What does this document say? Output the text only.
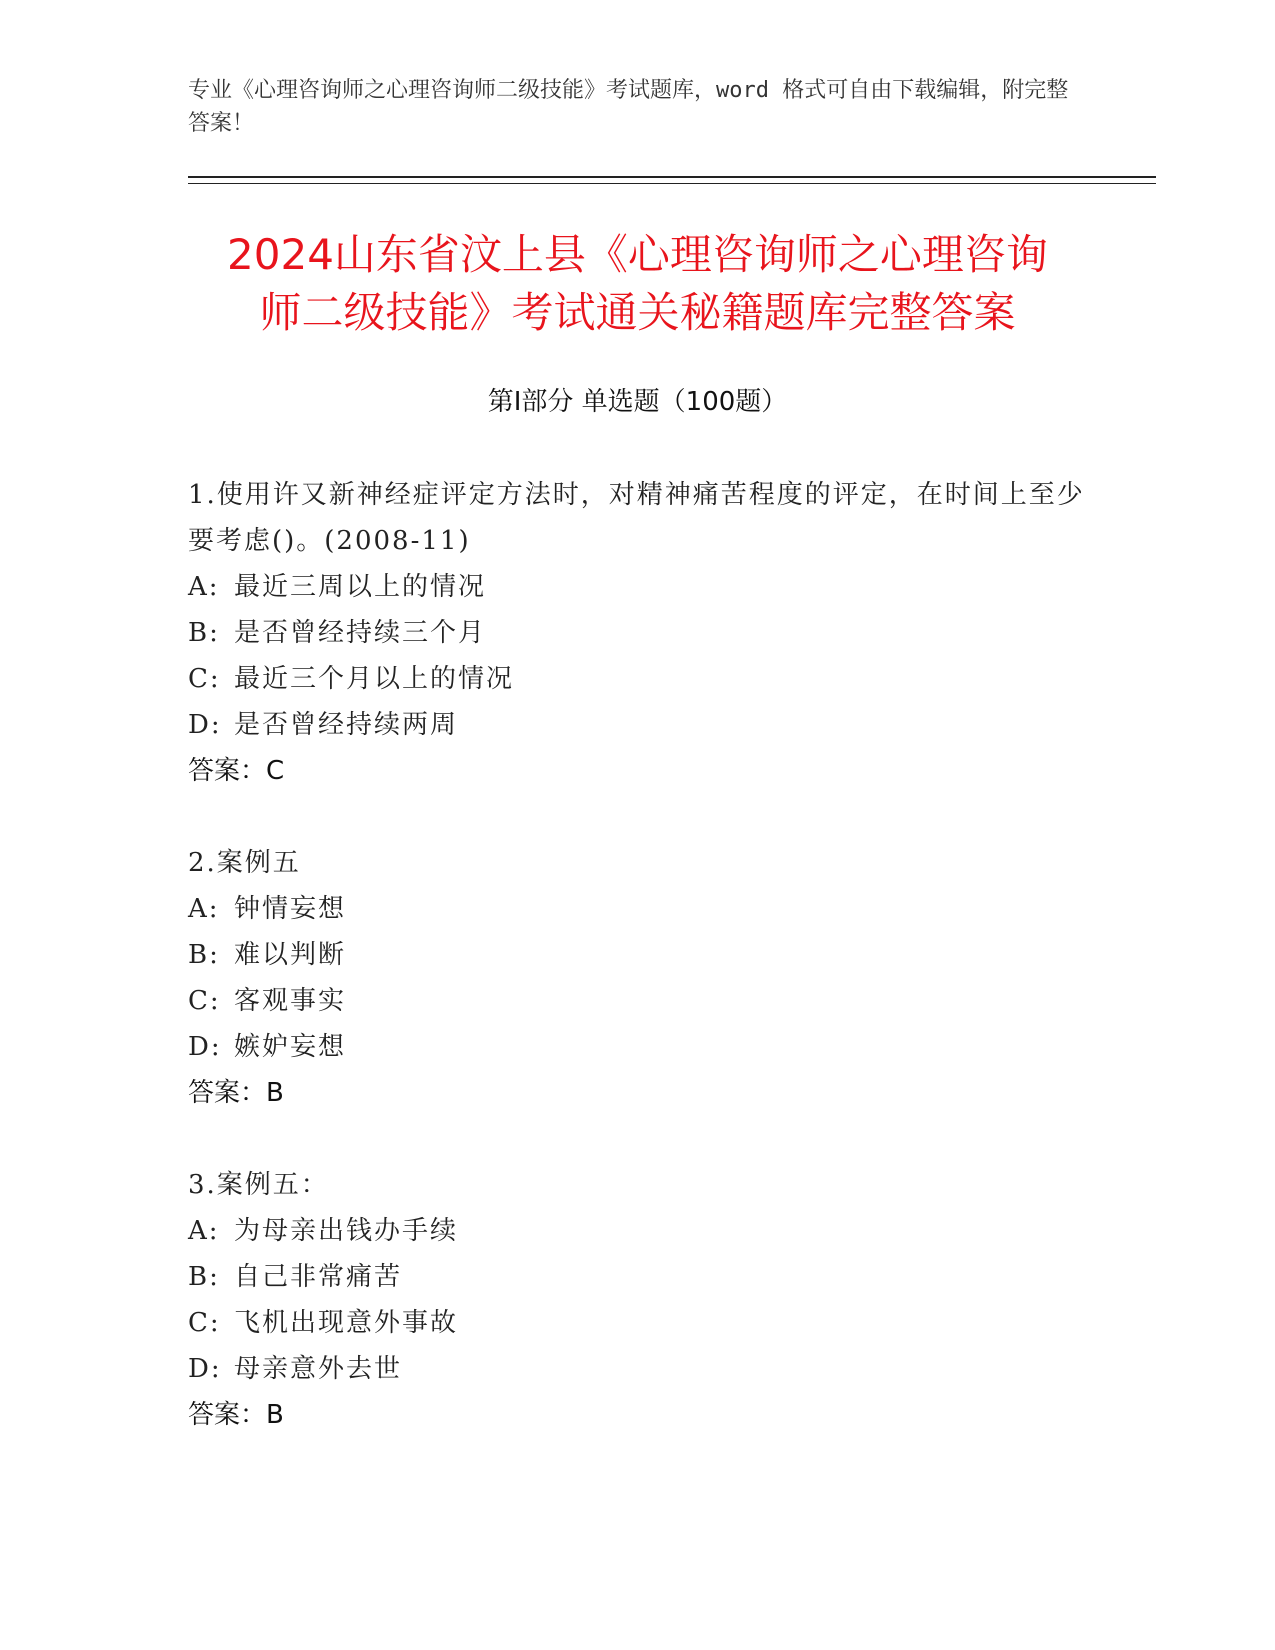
专业《心理咨询师之心理咨询师二级技能》考试题库，word 格式可自由下载编辑，附完整答案！
2024山东省汶上县《心理咨询师之心理咨询
师二级技能》考试通关秘籍题库完整答案
第Ⅰ部分 单选题（100题）
1.使用许又新神经症评定方法时，对精神痛苦程度的评定，在时间上至少要考虑()。(2008-11)
A: 最近三周以上的情况
B: 是否曾经持续三个月
C: 最近三个月以上的情况
D: 是否曾经持续两周
答案：C
2.案例五
A: 钟情妄想
B: 难以判断
C: 客观事实
D: 嫉妒妄想
答案：B
3.案例五：
A: 为母亲出钱办手续
B: 自己非常痛苦
C: 飞机出现意外事故
D: 母亲意外去世
答案：B
